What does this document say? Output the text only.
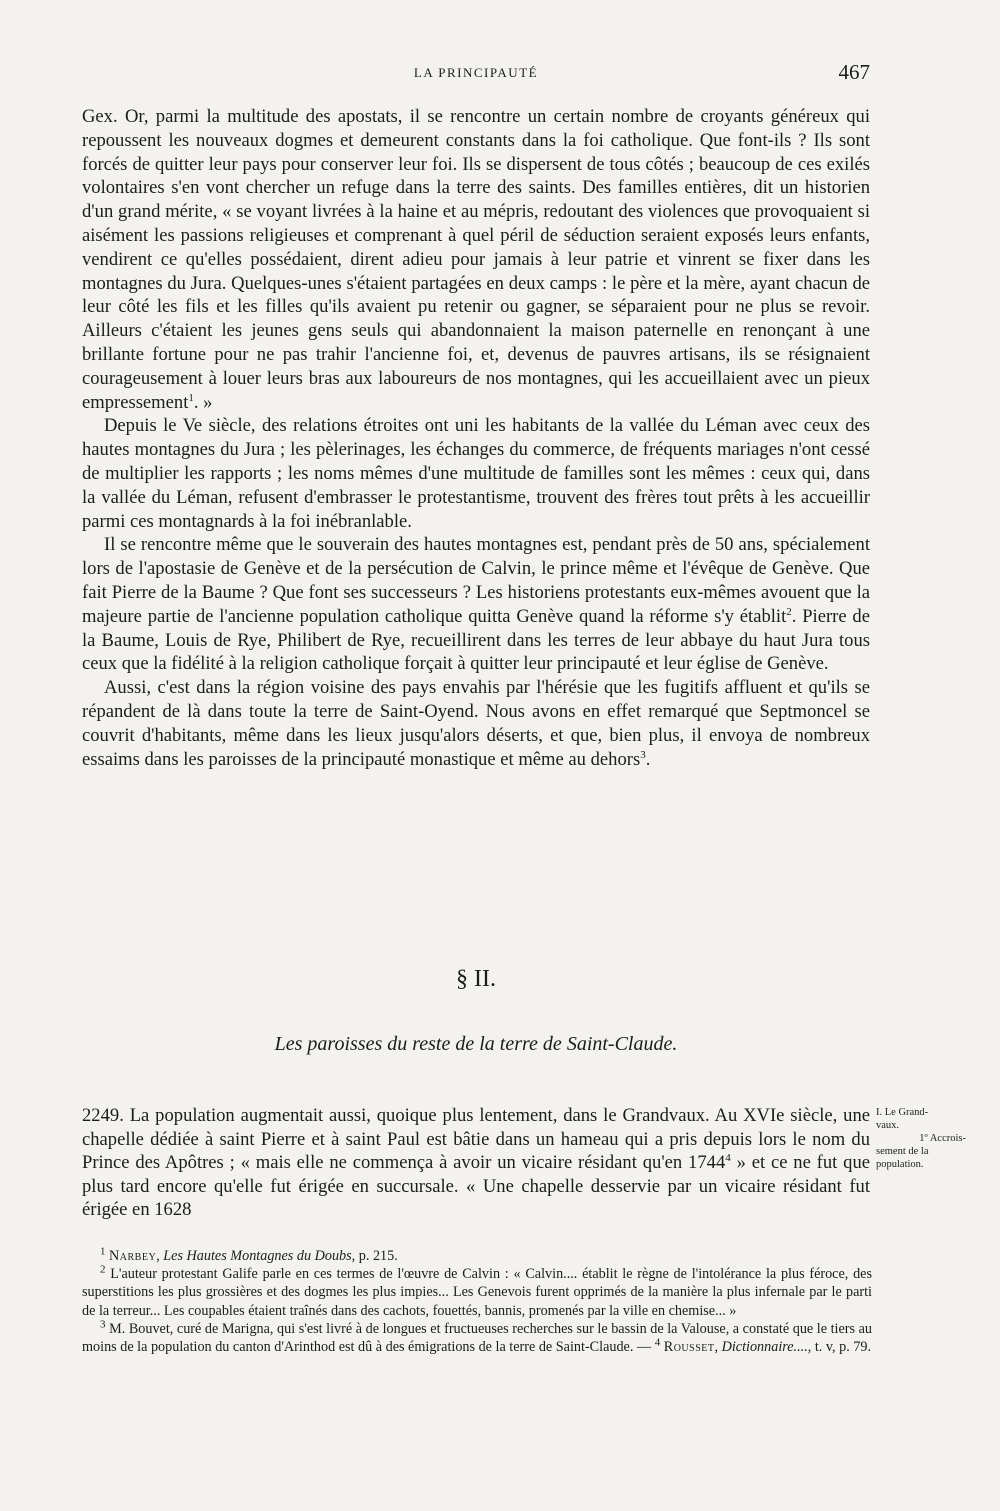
LA PRINCIPAUTÉ	467

Gex. Or, parmi la multitude des apostats, il se rencontre un certain nombre de croyants généreux qui repoussent les nouveaux dogmes et demeurent constants dans la foi catholique. Que font-ils ? Ils sont forcés de quitter leur pays pour conserver leur foi. Ils se dispersent de tous côtés ; beaucoup de ces exilés volontaires s'en vont chercher un refuge dans la terre des saints. Des familles entières, dit un historien d'un grand mérite, « se voyant livrées à la haine et au mépris, redoutant des violences que provoquaient si aisément les passions religieuses et comprenant à quel péril de séduction seraient exposés leurs enfants, vendirent ce qu'elles possédaient, dirent adieu pour jamais à leur patrie et vinrent se fixer dans les montagnes du Jura. Quelques-unes s'étaient partagées en deux camps : le père et la mère, ayant chacun de leur côté les fils et les filles qu'ils avaient pu retenir ou gagner, se séparaient pour ne plus se revoir. Ailleurs c'étaient les jeunes gens seuls qui abandonnaient la maison paternelle en renonçant à une brillante fortune pour ne pas trahir l'ancienne foi, et, devenus de pauvres artisans, ils se résignaient courageusement à louer leurs bras aux laboureurs de nos montagnes, qui les accueillaient avec un pieux empressement$^1$. »

Depuis le Ve siècle, des relations étroites ont uni les habitants de la vallée du Léman avec ceux des hautes montagnes du Jura ; les pèlerinages, les échanges du commerce, de fréquents mariages n'ont cessé de multiplier les rapports ; les noms mêmes d'une multitude de familles sont les mêmes : ceux qui, dans la vallée du Léman, refusent d'embrasser le protestantisme, trouvent des frères tout prêts à les accueillir parmi ces montagnards à la foi inébranlable.

Il se rencontre même que le souverain des hautes montagnes est, pendant près de 50 ans, spécialement lors de l'apostasie de Genève et de la persécution de Calvin, le prince même et l'évêque de Genève. Que fait Pierre de la Baume ? Que font ses successeurs ? Les historiens protestants eux-mêmes avouent que la majeure partie de l'ancienne population catholique quitta Genève quand la réforme s'y établit$^2$. Pierre de la Baume, Louis de Rye, Philibert de Rye, recueillirent dans les terres de leur abbaye du haut Jura tous ceux que la fidélité à la religion catholique forçait à quitter leur principauté et leur église de Genève.

Aussi, c'est dans la région voisine des pays envahis par l'hérésie que les fugitifs affluent et qu'ils se répandent de là dans toute la terre de Saint-Oyend. Nous avons en effet remarqué que Septmoncel se couvrit d'habitants, même dans les lieux jusqu'alors déserts, et que, bien plus, il envoya de nombreux essaims dans les paroisses de la principauté monastique et même au dehors$^3$.

§ II.
Les paroisses du reste de la terre de Saint-Claude.

2249. La population augmentait aussi, quoique plus lentement, dans le Grandvaux. Au XVIe siècle, une chapelle dédiée à saint Pierre et à saint Paul est bâtie dans un hameau qui a pris depuis lors le nom du Prince des Apôtres ; « mais elle ne commença à avoir un vicaire résidant qu'en 1744$^4$ » et ce ne fut que plus tard encore qu'elle fut érigée en succursale. « Une chapelle desservie par un vicaire résidant fut érigée en 1628

I. Le Grand-
vaux.
1º Accrois-
sement de la
population.

$^1$ Narbey, Les Hautes Montagnes du Doubs, p. 215.

$^2$ L'auteur protestant Galife parle en ces termes de l'œuvre de Calvin : « Calvin.... établit le règne de l'intolérance la plus féroce, des superstitions les plus grossières et des dogmes les plus impies... Les Genevois furent opprimés de la manière la plus infernale par le parti de la terreur... Les coupables étaient traînés dans des cachots, fouettés, bannis, promenés par la ville en chemise... »

$^3$ M. Bouvet, curé de Marigna, qui s'est livré à de longues et fructueuses recherches sur le bassin de la Valouse, a constaté que le tiers au moins de la population du canton d'Arinthod est dû à des émigrations de la terre de Saint-Claude. — $^4$ Rousset, Dictionnaire...., t. v, p. 79.
